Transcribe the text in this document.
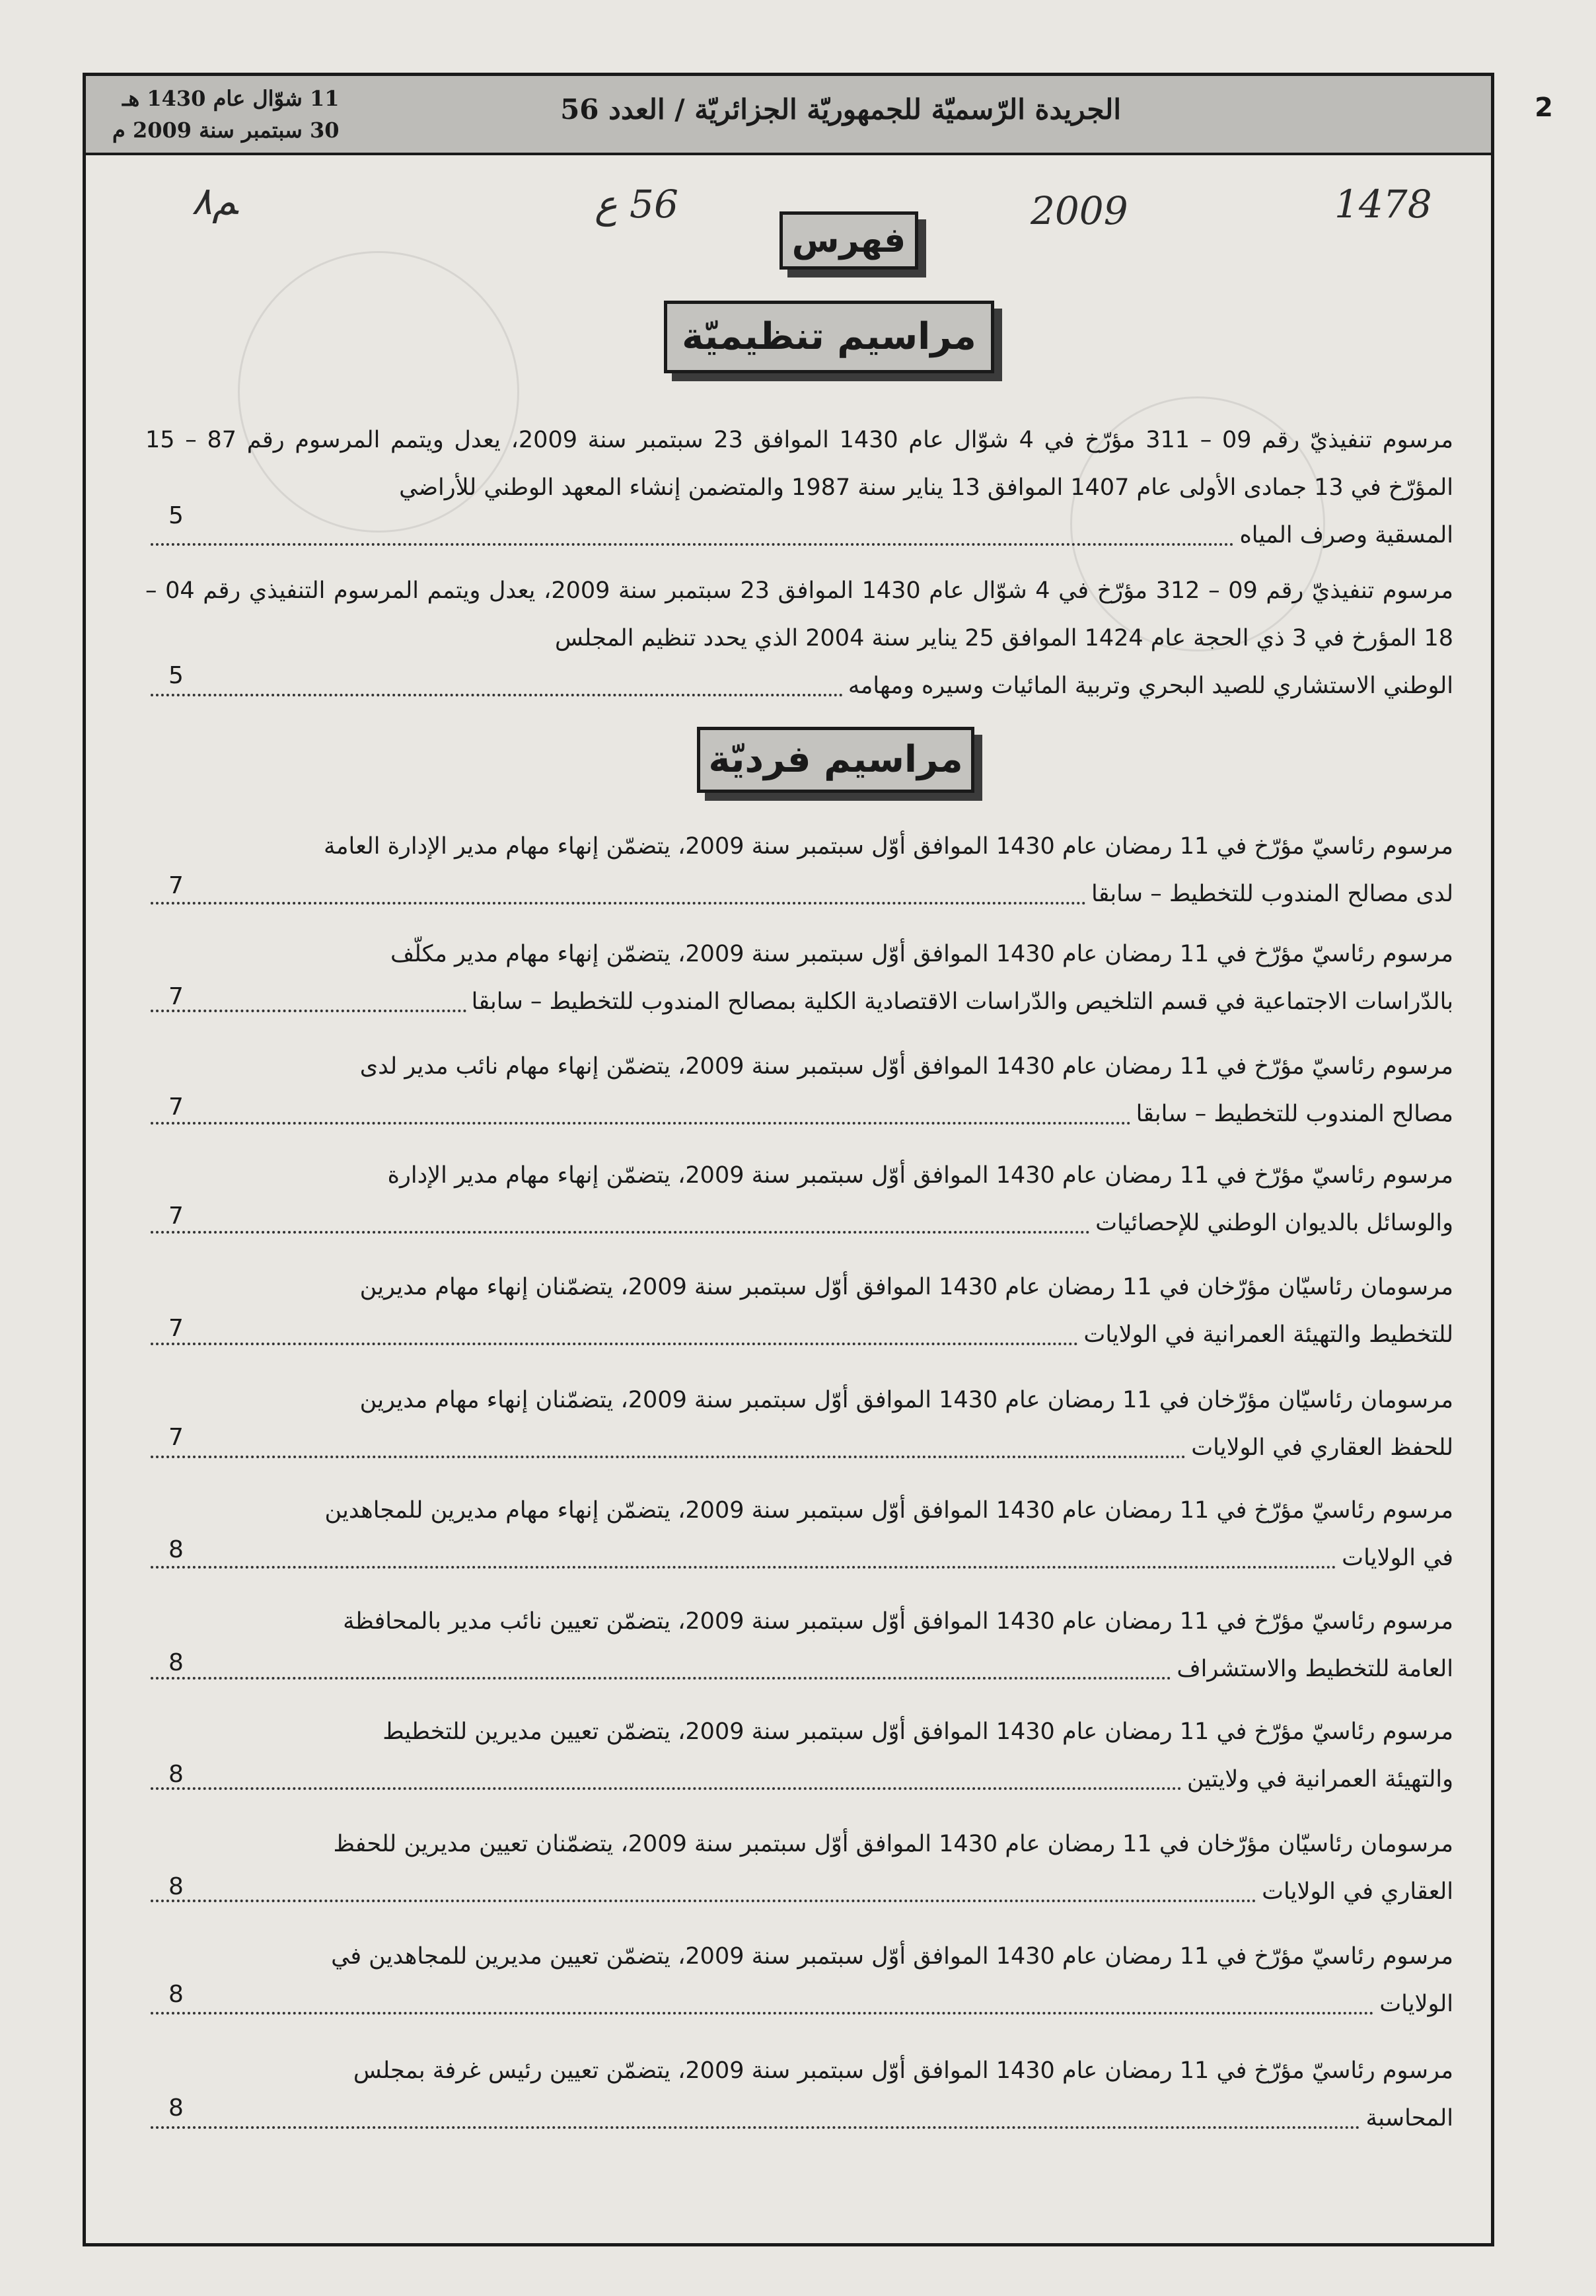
الجريدة الرّسميّة للجمهوريّة الجزائريّة / العدد 56
11 شوّال عام 1430 هـ
30 سبتمبر سنة 2009 م
2
ﻢ۸	56 ع	2009	1478
فهرس
مراسيم تنظيميّة
مراسيم فرديّة
مرسوم تنفيذيّ رقم 09 – 311 مؤرّخ في 4 شوّال عام 1430 الموافق 23 سبتمبر سنة 2009، يعدل ويتمم المرسوم رقم 87 – 15 المؤرّخ في 13 جمادى الأولى عام 1407 الموافق 13 يناير سنة 1987 والمتضمن إنشاء المعهد الوطني للأراضي
المسقية وصرف المياه
5
مرسوم تنفيذيّ رقم 09 – 312 مؤرّخ في 4 شوّال عام 1430 الموافق 23 سبتمبر سنة 2009، يعدل ويتمم المرسوم التنفيذي رقم 04 – 18 المؤرخ في 3 ذي الحجة عام 1424 الموافق 25 يناير سنة 2004 الذي يحدد تنظيم المجلس
الوطني الاستشاري للصيد البحري وتربية المائيات وسيره ومهامه
5
مرسوم رئاسيّ مؤرّخ في 11 رمضان عام 1430 الموافق أوّل سبتمبر سنة 2009، يتضمّن إنهاء مهام مدير الإدارة العامة
لدى مصالح المندوب للتخطيط – سابقا
7
مرسوم رئاسيّ مؤرّخ في 11 رمضان عام 1430 الموافق أوّل سبتمبر سنة 2009، يتضمّن إنهاء مهام مدير مكلّف
بالدّراسات الاجتماعية في قسم التلخيص والدّراسات الاقتصادية الكلية بمصالح المندوب للتخطيط – سابقا
7
مرسوم رئاسيّ مؤرّخ في 11 رمضان عام 1430 الموافق أوّل سبتمبر سنة 2009، يتضمّن إنهاء مهام نائب مدير لدى
مصالح المندوب للتخطيط – سابقا
7
مرسوم رئاسيّ مؤرّخ في 11 رمضان عام 1430 الموافق أوّل سبتمبر سنة 2009، يتضمّن إنهاء مهام مدير الإدارة
والوسائل بالديوان الوطني للإحصائيات
7
مرسومان رئاسيّان مؤرّخان في 11 رمضان عام 1430 الموافق أوّل سبتمبر سنة 2009، يتضمّنان إنهاء مهام مديرين
للتخطيط والتهيئة العمرانية في الولايات
7
مرسومان رئاسيّان مؤرّخان في 11 رمضان عام 1430 الموافق أوّل سبتمبر سنة 2009، يتضمّنان إنهاء مهام مديرين
للحفظ العقاري في الولايات
7
مرسوم رئاسيّ مؤرّخ في 11 رمضان عام 1430 الموافق أوّل سبتمبر سنة 2009، يتضمّن إنهاء مهام مديرين للمجاهدين
في الولايات
8
مرسوم رئاسيّ مؤرّخ في 11 رمضان عام 1430 الموافق أوّل سبتمبر سنة 2009، يتضمّن تعيين نائب مدير بالمحافظة
العامة للتخطيط والاستشراف
8
مرسوم رئاسيّ مؤرّخ في 11 رمضان عام 1430 الموافق أوّل سبتمبر سنة 2009، يتضمّن تعيين مديرين للتخطيط
والتهيئة العمرانية في ولايتين
8
مرسومان رئاسيّان مؤرّخان في 11 رمضان عام 1430 الموافق أوّل سبتمبر سنة 2009، يتضمّنان تعيين مديرين للحفظ
العقاري في الولايات
8
مرسوم رئاسيّ مؤرّخ في 11 رمضان عام 1430 الموافق أوّل سبتمبر سنة 2009، يتضمّن تعيين مديرين للمجاهدين في
الولايات
8
مرسوم رئاسيّ مؤرّخ في 11 رمضان عام 1430 الموافق أوّل سبتمبر سنة 2009، يتضمّن تعيين رئيس غرفة بمجلس
المحاسبة
8
